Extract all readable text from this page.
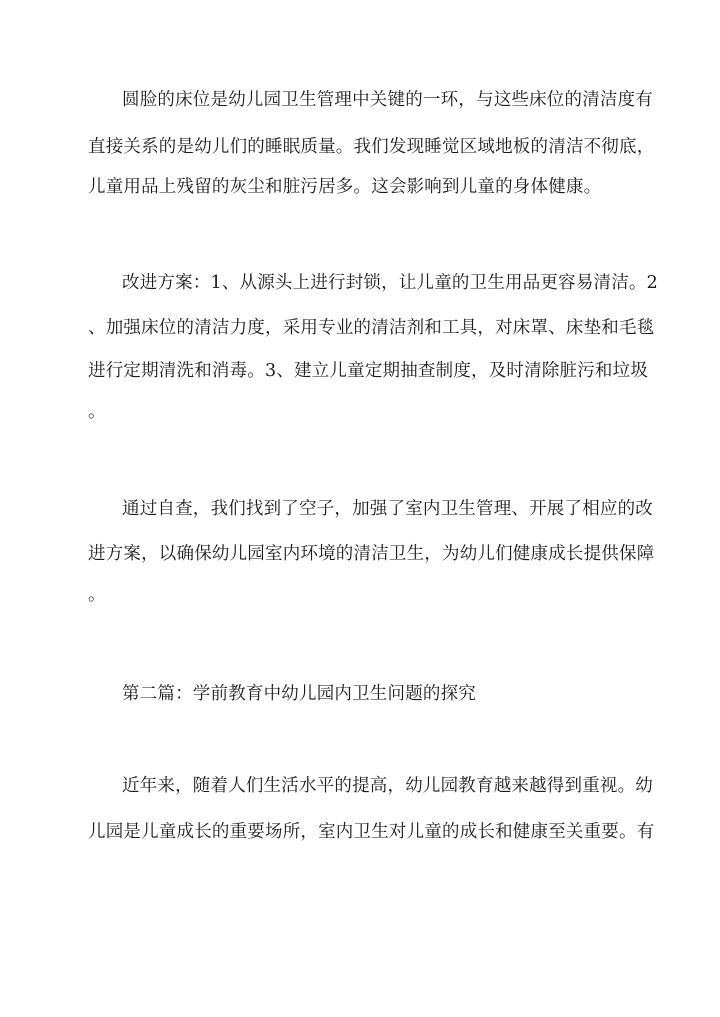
圆脸的床位是幼儿园卫生管理中关键的一环，与这些床位的清洁度有
直接关系的是幼儿们的睡眠质量。我们发现睡觉区域地板的清洁不彻底，
儿童用品上残留的灰尘和脏污居多。这会影响到儿童的身体健康。
改进方案：1、从源头上进行封锁，让儿童的卫生用品更容易清洁。2
、加强床位的清洁力度，采用专业的清洁剂和工具，对床罩、床垫和毛毯
进行定期清洗和消毒。3、建立儿童定期抽查制度，及时清除脏污和垃圾
。
通过自查，我们找到了空子，加强了室内卫生管理、开展了相应的改
进方案，以确保幼儿园室内环境的清洁卫生，为幼儿们健康成长提供保障
。
第二篇：学前教育中幼儿园内卫生问题的探究
近年来，随着人们生活水平的提高，幼儿园教育越来越得到重视。幼
儿园是儿童成长的重要场所，室内卫生对儿童的成长和健康至关重要。有
